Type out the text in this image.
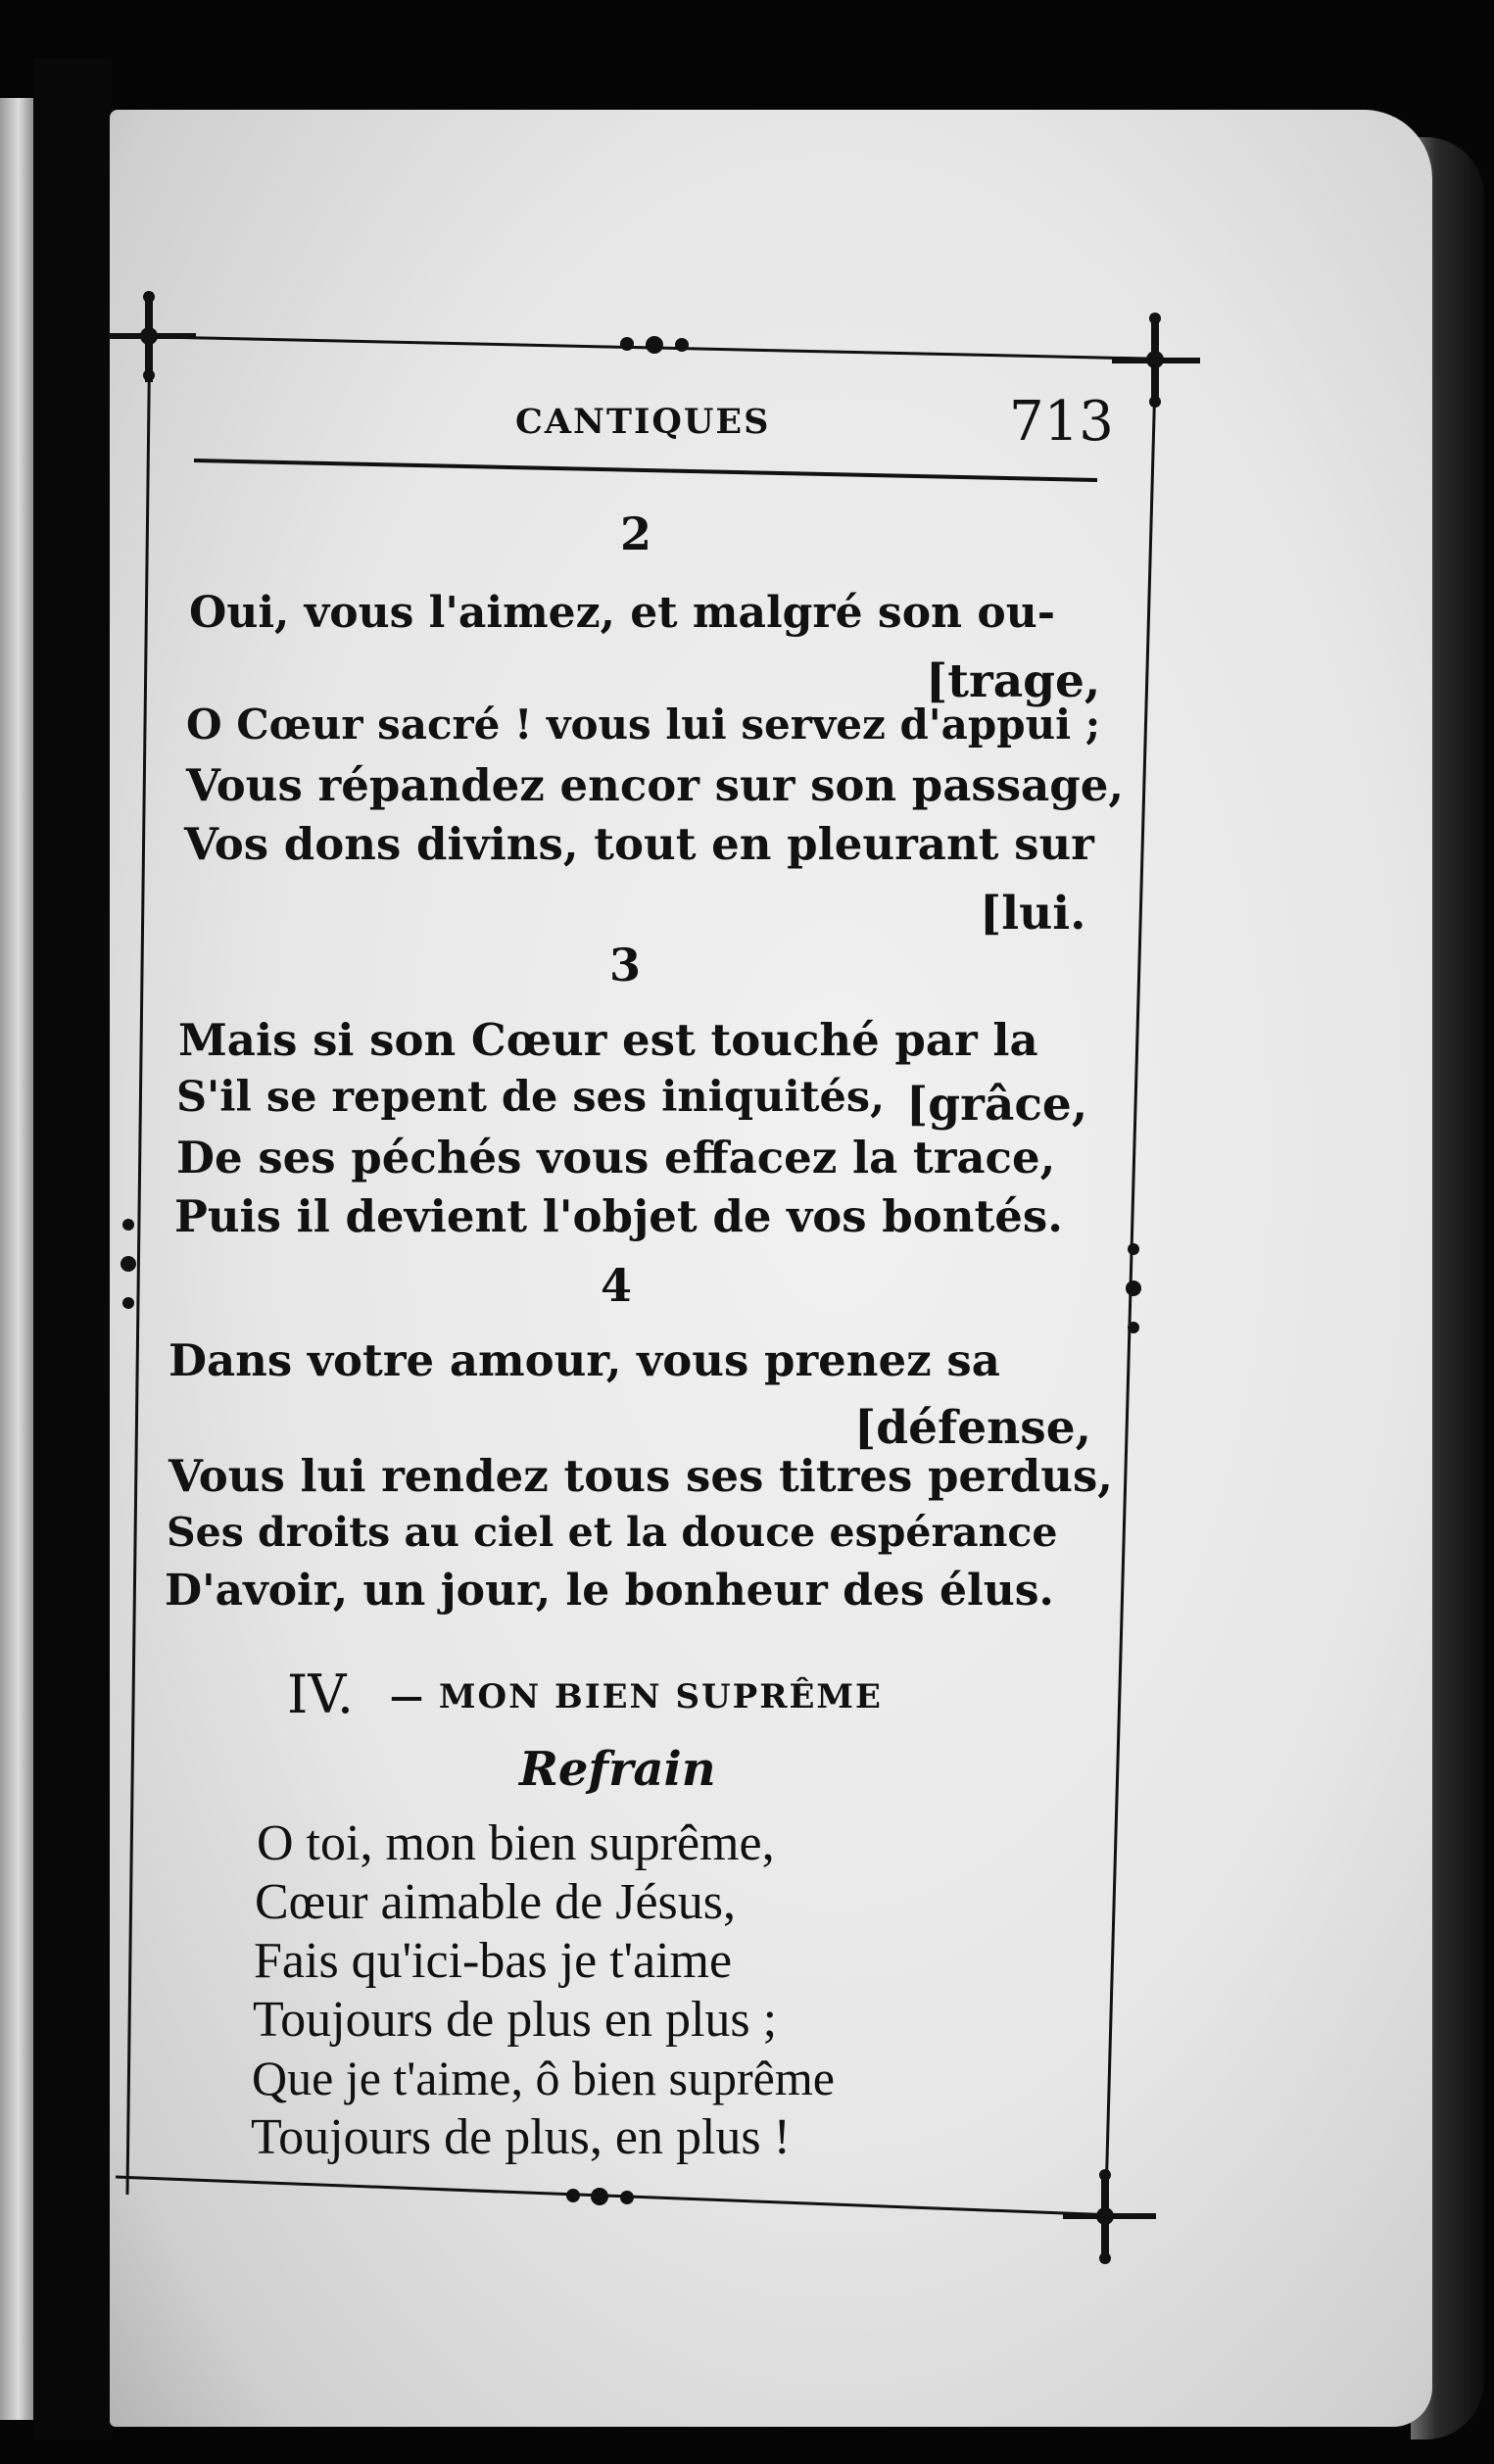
CANTIQUES	713
2
Oui, vous l'aimez, et malgré son ou-
[trage,
O Cœur sacré ! vous lui servez d'appui ;
Vous répandez encor sur son passage,
Vos dons divins, tout en pleurant sur
[lui.
3
Mais si son Cœur est touché par la
S'il se repent de ses iniquités, [grâce,
De ses péchés vous effacez la trace,
Puis il devient l'objet de vos bontés.
4
Dans votre amour, vous prenez sa
[défense,
Vous lui rendez tous ses titres perdus,
Ses droits au ciel et la douce espérance
D'avoir, un jour, le bonheur des élus.
IV. — MON BIEN SUPRÊME
Refrain
O toi, mon bien suprême,
Cœur aimable de Jésus,
Fais qu'ici-bas je t'aime
Toujours de plus en plus ;
Que je t'aime, ô bien suprême
Toujours de plus, en plus !
